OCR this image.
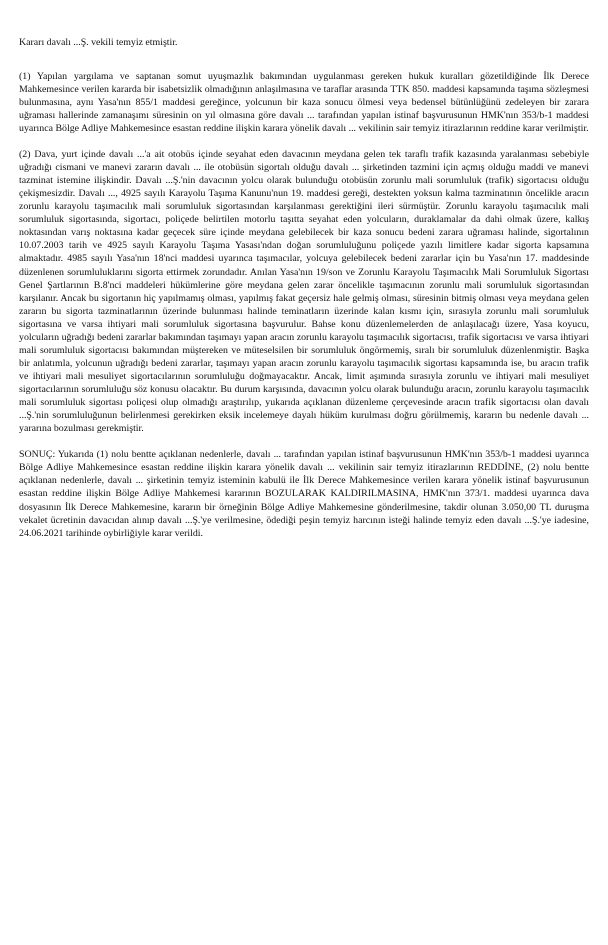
Kararı davalı ...Ş. vekili temyiz etmiştir.

(1) Yapılan yargılama ve saptanan somut uyuşmazlık bakımından uygulanması gereken hukuk kuralları gözetildiğinde İlk Derece Mahkemesince verilen kararda bir isabetsizlik olmadığının anlaşılmasına ve taraflar arasında TTK 850. maddesi kapsamında taşıma sözleşmesi bulunmasına, aynı Yasa'nın 855/1 maddesi gereğince, yolcunun bir kaza sonucu ölmesi veya bedensel bütünlüğünü zedeleyen bir zarara uğraması hallerinde zamanaşımı süresinin on yıl olmasına göre davalı ... tarafından yapılan istinaf başvurusunun HMK'nın 353/b-1 maddesi uyarınca Bölge Adliye Mahkemesince esastan reddine ilişkin karara yönelik davalı ... vekilinin sair temyiz itirazlarının reddine karar verilmiştir.

(2) Dava, yurt içinde davalı ...'a ait otobüs içinde seyahat eden davacının meydana gelen tek taraflı trafik kazasında yaralanması sebebiyle uğradığı cismani ve manevi zararın davalı ... ile otobüsün sigortalı olduğu davalı ... şirketinden tazmini için açmış olduğu maddi ve manevi tazminat istemine ilişkindir. Davalı ...Ş.'nin davacının yolcu olarak bulunduğu otobüsün zorunlu mali sorumluluk (trafik) sigortacısı olduğu çekişmesizdir. Davalı ..., 4925 sayılı Karayolu Taşıma Kanunu'nun 19. maddesi gereği, destekten yoksun kalma tazminatının öncelikle aracın zorunlu karayolu taşımacılık mali sorumluluk sigortasından karşılanması gerektiğini ileri sürmüştür. Zorunlu karayolu taşımacılık mali sorumluluk sigortasında, sigortacı, poliçede belirtilen motorlu taşıtta seyahat eden yolcuların, duraklamalar da dahi olmak üzere, kalkış noktasından varış noktasına kadar geçecek süre içinde meydana gelebilecek bir kaza sonucu bedeni zarara uğraması halinde, sigortalının 10.07.2003 tarih ve 4925 sayılı Karayolu Taşıma Yasası'ndan doğan sorumluluğunu poliçede yazılı limitlere kadar sigorta kapsamına almaktadır. 4985 sayılı Yasa'nın 18'nci maddesi uyarınca taşımacılar, yolcuya gelebilecek bedeni zararlar için bu Yasa'nın 17. maddesinde düzenlenen sorumluluklarını sigorta ettirmek zorundadır. Anılan Yasa'nın 19/son ve Zorunlu Karayolu Taşımacılık Mali Sorumluluk Sigortası Genel Şartlarının B.8'nci maddeleri hükümlerine göre meydana gelen zarar öncelikle taşımacının zorunlu mali sorumluluk sigortasından karşılanır. Ancak bu sigortanın hiç yapılmamış olması, yapılmış fakat geçersiz hale gelmiş olması, süresinin bitmiş olması veya meydana gelen zararın bu sigorta tazminatlarının üzerinde bulunması halinde teminatların üzerinde kalan kısmı için, sırasıyla zorunlu mali sorumluluk sigortasına ve varsa ihtiyari mali sorumluluk sigortasına başvurulur. Bahse konu düzenlemelerden de anlaşılacağı üzere, Yasa koyucu, yolcuların uğradığı bedeni zararlar bakımından taşımayı yapan aracın zorunlu karayolu taşımacılık sigortacısı, trafik sigortacısı ve varsa ihtiyari mali sorumluluk sigortacısı bakımından müştereken ve müteselsilen bir sorumluluk öngörmemiş, sıralı bir sorumluluk düzenlenmiştir. Başka bir anlatımla, yolcunun uğradığı bedeni zararlar, taşımayı yapan aracın zorunlu karayolu taşımacılık sigortası kapsamında ise, bu aracın trafik ve ihtiyari mali mesuliyet sigortacılarının sorumluluğu doğmayacaktır. Ancak, limit aşımında sırasıyla zorunlu ve ihtiyari mali mesuliyet sigortacılarının sorumluluğu söz konusu olacaktır. Bu durum karşısında, davacının yolcu olarak bulunduğu aracın, zorunlu karayolu taşımacılık mali sorumluluk sigortası poliçesi olup olmadığı araştırılıp, yukarıda açıklanan düzenleme çerçevesinde aracın trafik sigortacısı olan davalı ...Ş.'nin sorumluluğunun belirlenmesi gerekirken eksik incelemeye dayalı hüküm kurulması doğru görülmemiş, kararın bu nedenle davalı ... yararına bozulması gerekmiştir.

SONUÇ: Yukarıda (1) nolu bentte açıklanan nedenlerle, davalı ... tarafından yapılan istinaf başvurusunun HMK'nın 353/b-1 maddesi uyarınca Bölge Adliye Mahkemesince esastan reddine ilişkin karara yönelik davalı ... vekilinin sair temyiz itirazlarının REDDİNE, (2) nolu bentte açıklanan nedenlerle, davalı ... şirketinin temyiz isteminin kabulü ile İlk Derece Mahkemesince verilen karara yönelik istinaf başvurusunun esastan reddine ilişkin Bölge Adliye Mahkemesi kararının BOZULARAK KALDIRILMASINA, HMK'nın 373/1. maddesi uyarınca dava dosyasının İlk Derece Mahkemesine, kararın bir örneğinin Bölge Adliye Mahkemesine gönderilmesine, takdir olunan 3.050,00 TL duruşma vekalet ücretinin davacıdan alınıp davalı ...Ş.'ye verilmesine, ödediği peşin temyiz harcının isteği halinde temyiz eden davalı ...Ş.'ye iadesine, 24.06.2021 tarihinde oybirliğiyle karar verildi.
